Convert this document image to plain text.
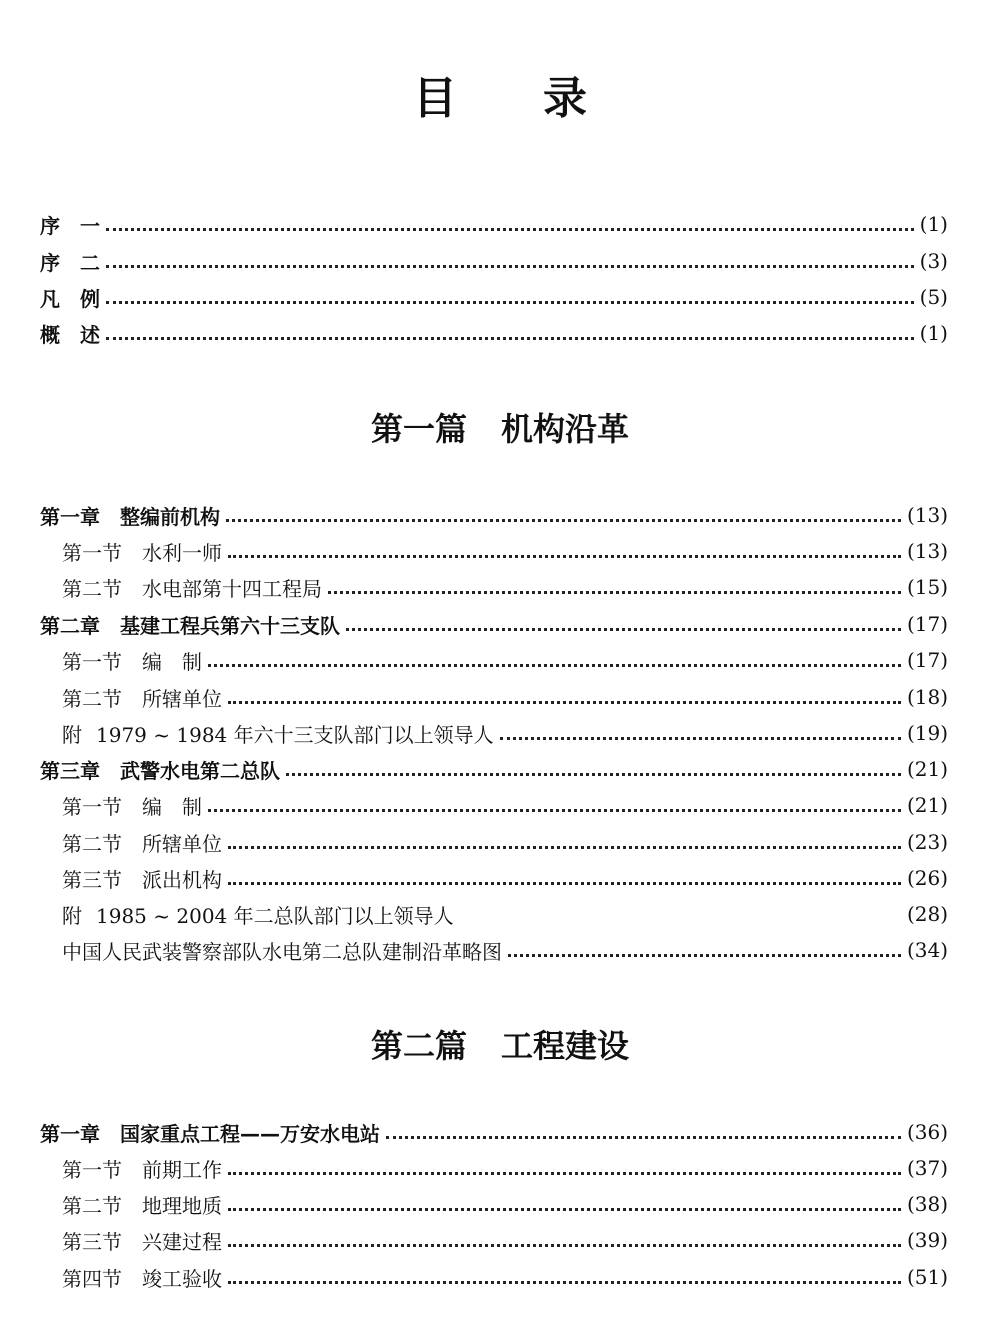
目 录
序　一	(1)
序　二	(3)
凡　例	(5)
概　述	(1)
第一篇 机构沿革
第一章 整编前机构	(13)
第一节 水利一师	(13)
第二节 水电部第十四工程局	(15)
第二章 基建工程兵第六十三支队	(17)
第一节 编　制	(17)
第二节 所辖单位	(18)
附 1979 ~ 1984 年六十三支队部门以上领导人	(19)
第三章 武警水电第二总队	(21)
第一节 编　制	(21)
第二节 所辖单位	(23)
第三节 派出机构	(26)
附 1985 ~ 2004 年二总队部门以上领导人	(28)
中国人民武装警察部队水电第二总队建制沿革略图	(34)
第二篇 工程建设
第一章 国家重点工程——万安水电站	(36)
第一节 前期工作	(37)
第二节 地理地质	(38)
第三节 兴建过程	(39)
第四节 竣工验收	(51)
